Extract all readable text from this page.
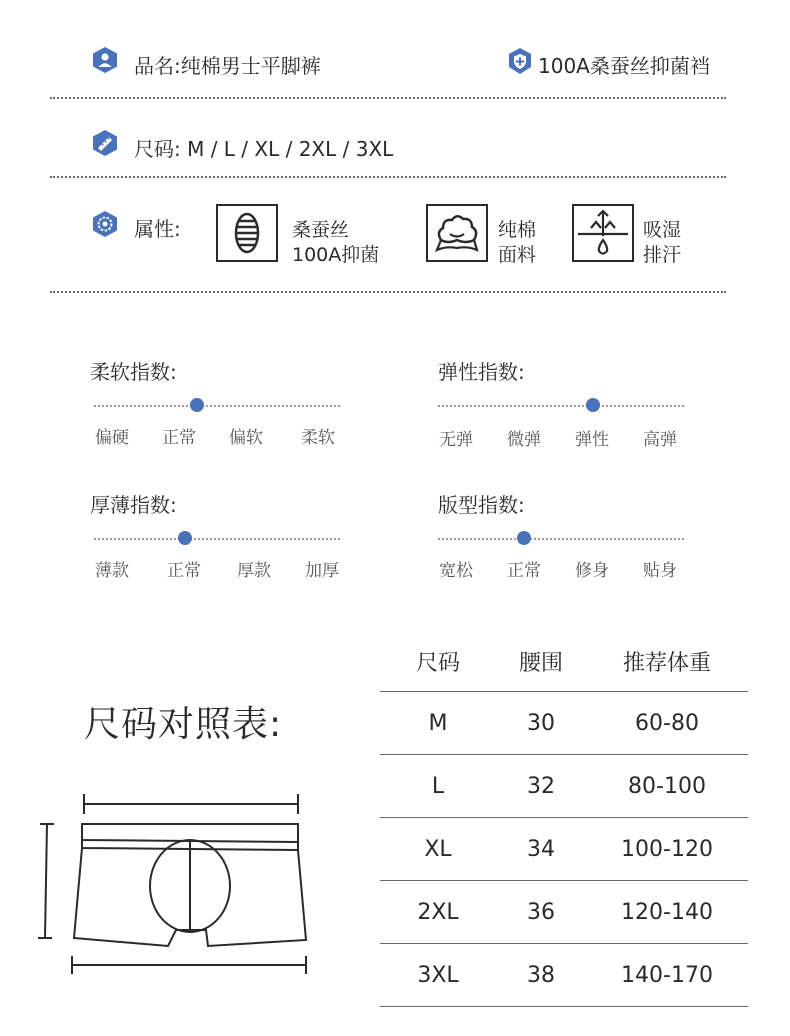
品名:纯棉男士平脚裤	100A桑蚕丝抑菌裆
尺码: M / L / XL / 2XL / 3XL
属性:	桑蚕丝
100A抑菌
纯棉
面料
吸湿
排汗
柔软指数:
偏硬	正常	偏软	柔软
弹性指数:
无弹	微弹	弹性	高弹
厚薄指数:
薄款	正常	厚款	加厚
版型指数:
宽松	正常	修身	贴身
尺码对照表:
尺码	腰围	推荐体重
M	30	60-80
L	32	80-100
XL	34	100-120
2XL	36	120-140
3XL	38	140-170
